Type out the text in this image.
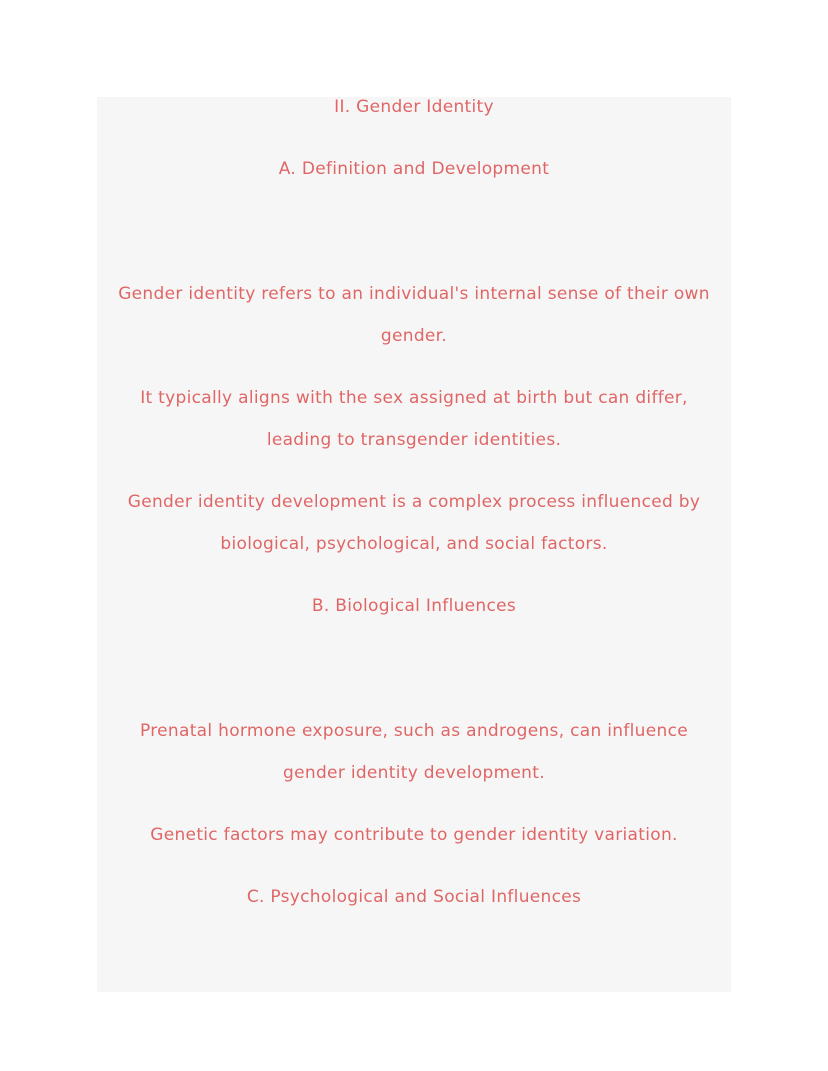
II. Gender Identity

A. Definition and Development

Gender identity refers to an individual's internal sense of their own

gender.

It typically aligns with the sex assigned at birth but can differ,

leading to transgender identities.

Gender identity development is a complex process influenced by

biological, psychological, and social factors.

B. Biological Influences

Prenatal hormone exposure, such as androgens, can influence

gender identity development.

Genetic factors may contribute to gender identity variation.

C. Psychological and Social Influences
